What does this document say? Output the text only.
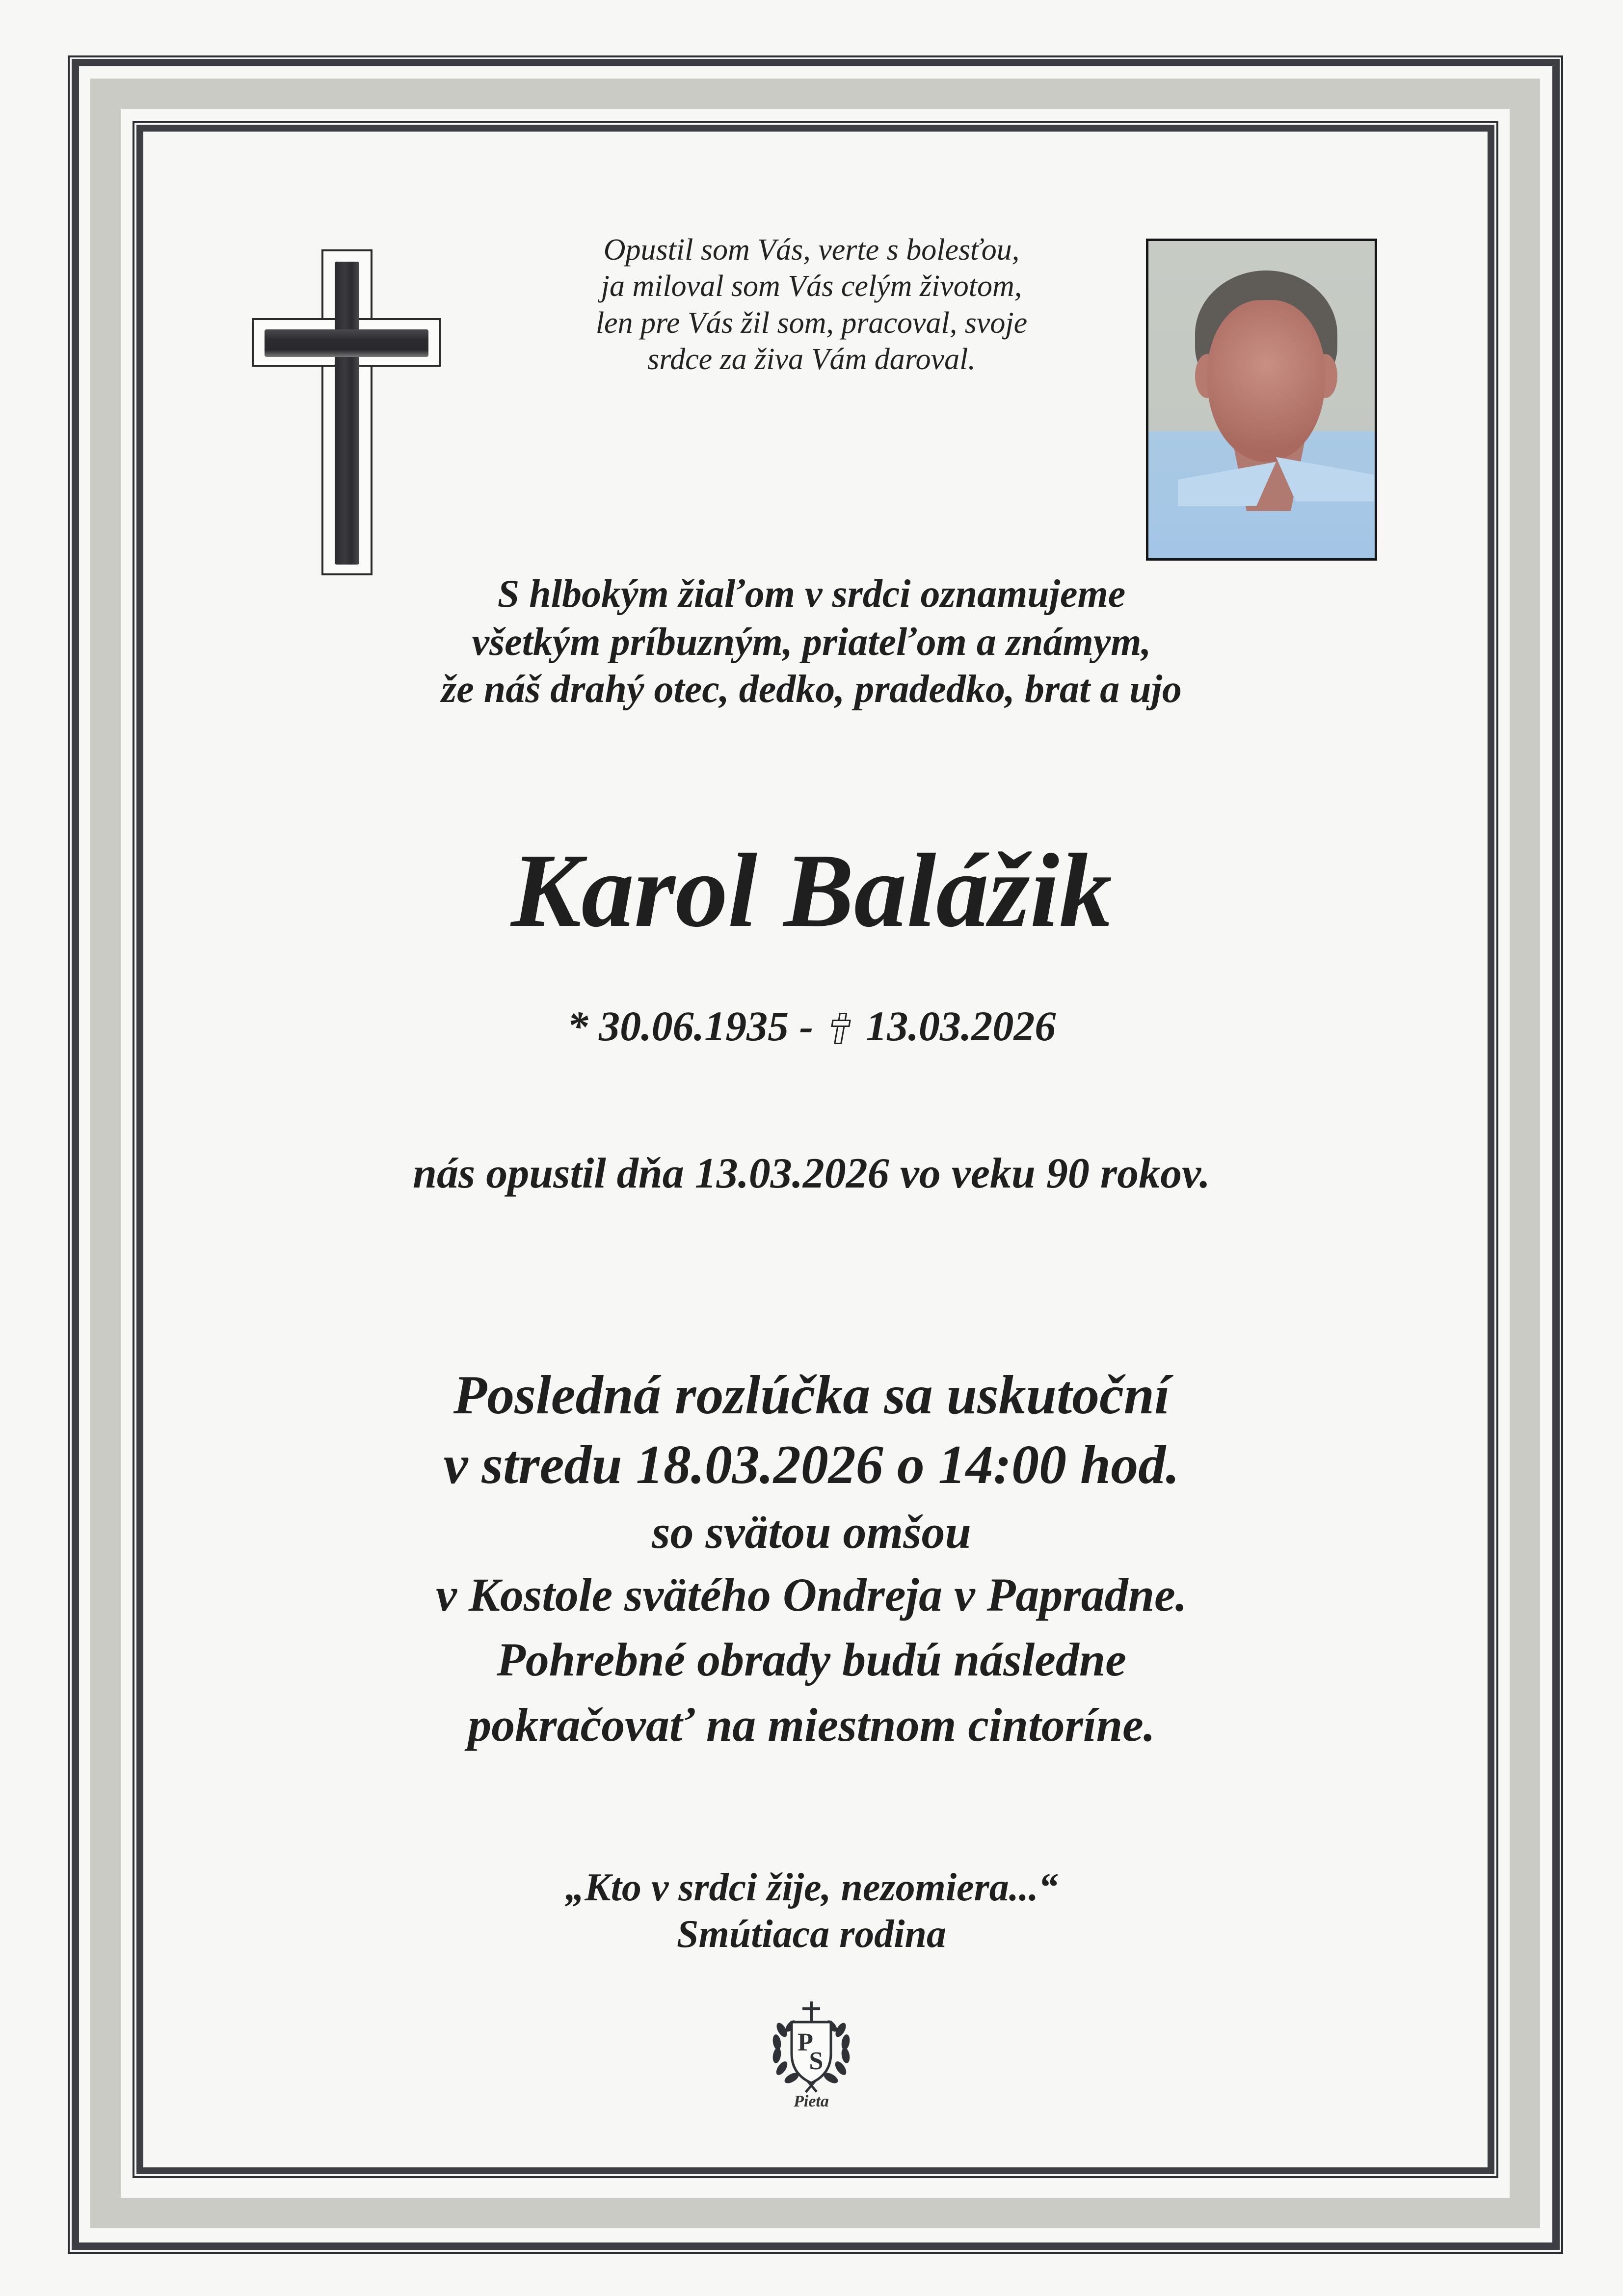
Opustil som Vás, verte s bolesťou,
ja miloval som Vás celým životom,
len pre Vás žil som, pracoval, svoje
srdce za živa Vám daroval.
S hlbokým žiaľom v srdci oznamujeme
všetkým príbuzným, priateľom a známym,
že náš drahý otec, dedko, pradedko, brat a ujo
Karol Balážik
* 30.06.1935 - 13.03.2026
nás opustil dňa 13.03.2026 vo veku 90 rokov.
Posledná rozlúčka sa uskutoční
v stredu 18.03.2026 o 14:00 hod.
so svätou omšou
v Kostole svätého Ondreja v Papradne.
Pohrebné obrady budú následne
pokračovať na miestnom cintoríne.
„Kto v srdci žije, nezomiera...“
Smútiaca rodina
P
S
Pieta
